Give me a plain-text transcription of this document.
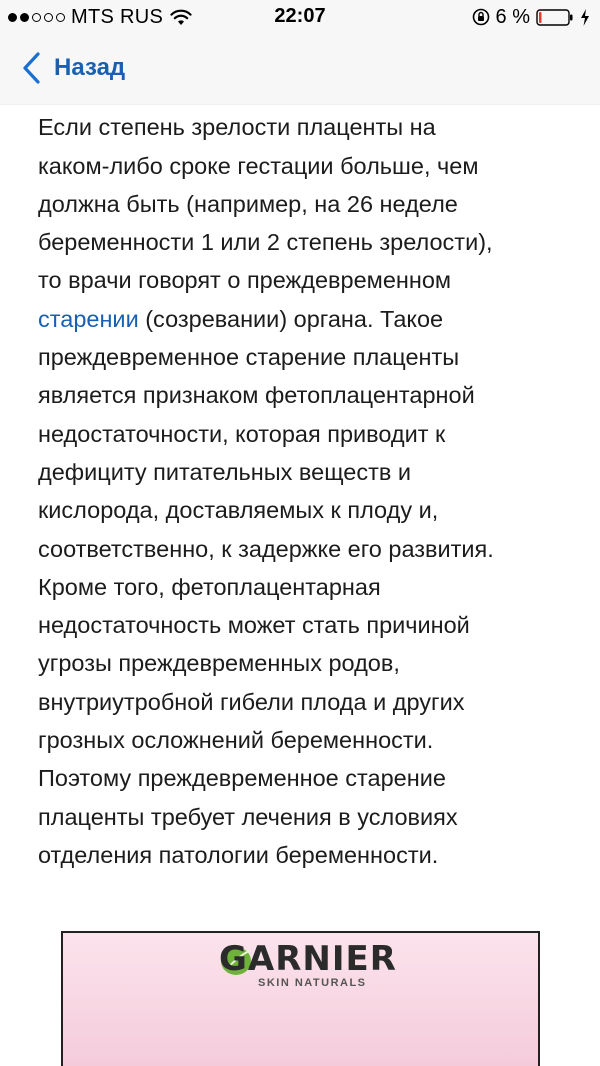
MTS RUS	22:07	6 %
Назад
Если степень зрелости плаценты на
каком-либо сроке гестации больше, чем
должна быть (например, на 26 неделе
беременности 1 или 2 степень зрелости),
то врачи говорят о преждевременном
старении (созревании) органа. Такое
преждевременное старение плаценты
является признаком фетоплацентарной
недостаточности, которая приводит к
дефициту питательных веществ и
кислорода, доставляемых к плоду и,
соответственно, к задержке его развития.
Кроме того, фетоплацентарная
недостаточность может стать причиной
угрозы преждевременных родов,
внутриутробной гибели плода и других
грозных осложнений беременности.
Поэтому преждевременное старение
плаценты требует лечения в условиях
отделения патологии беременности.
GARNIER
SKIN NATURALS
